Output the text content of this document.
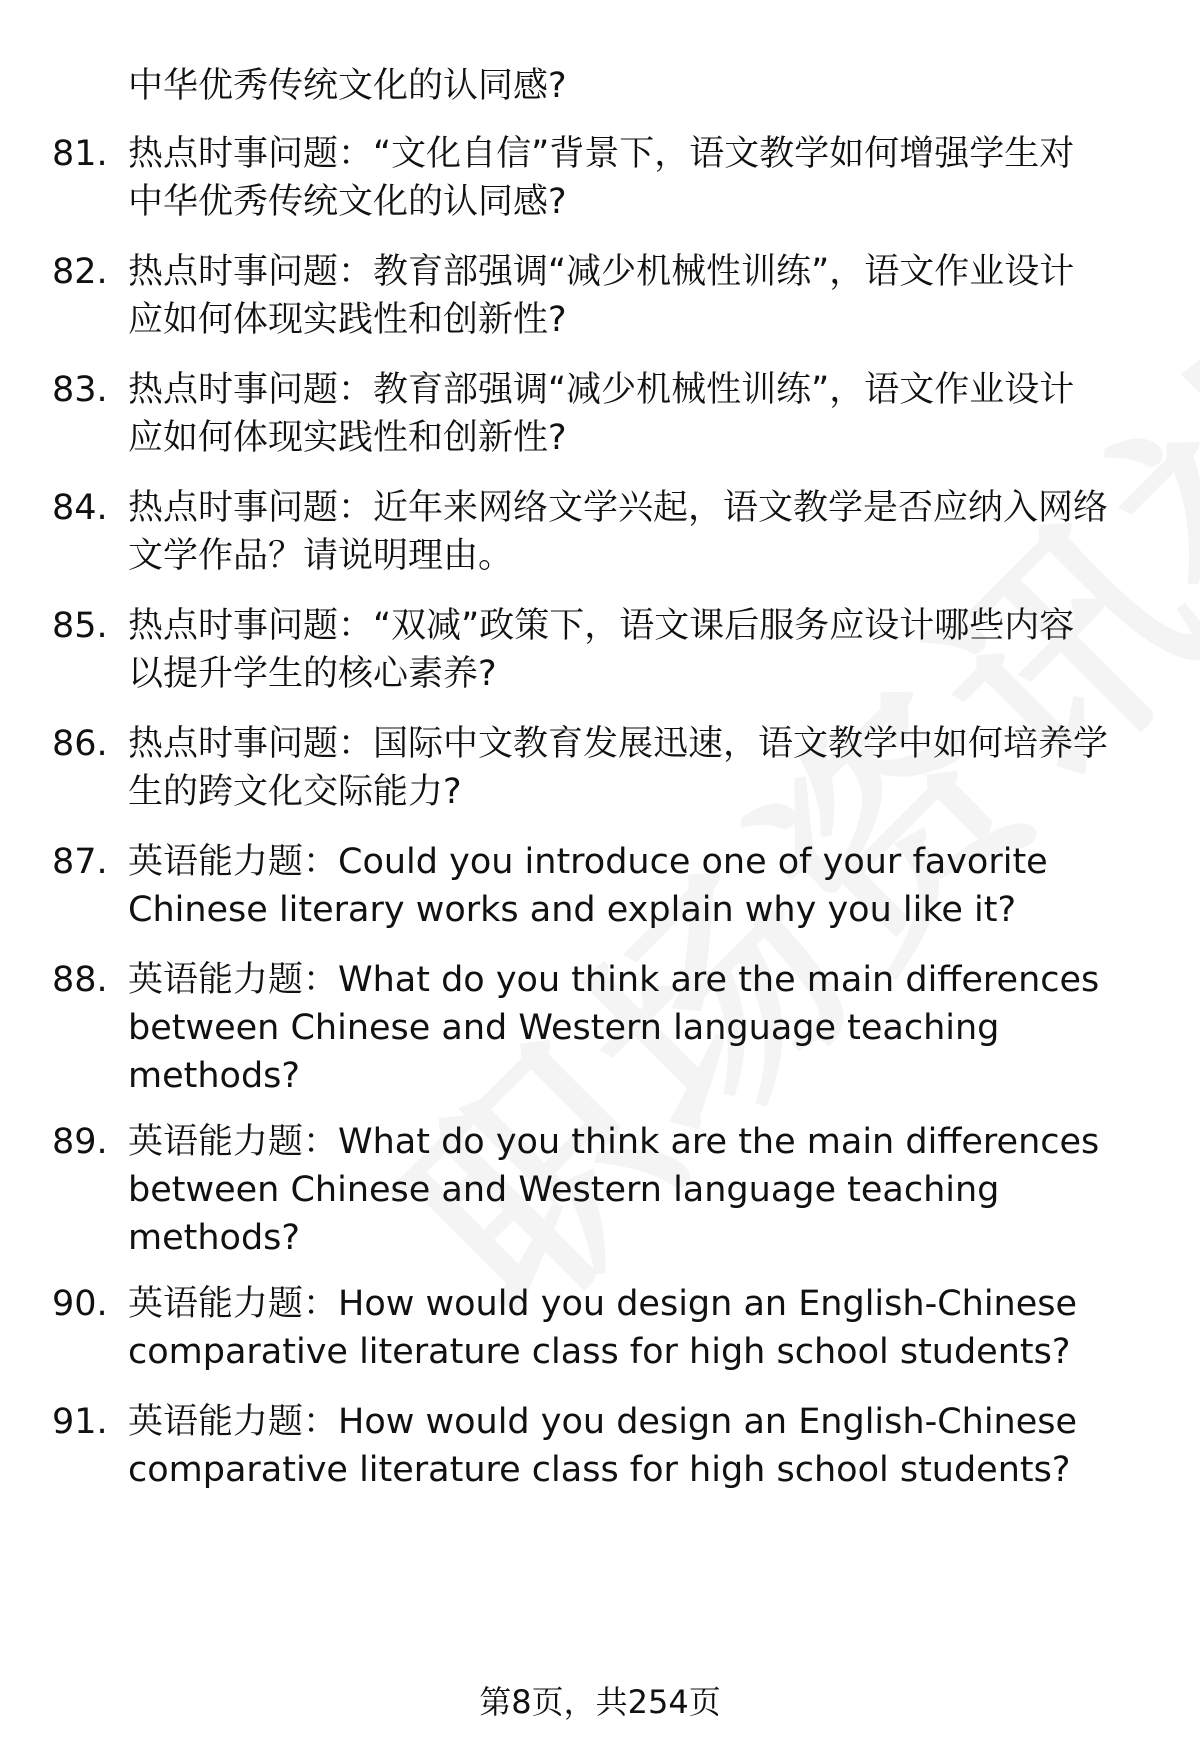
中华优秀传统文化的认同感?
81. 热点时事问题：“文化自信”背景下，语文教学如何增强学生对
中华优秀传统文化的认同感?
82. 热点时事问题：教育部强调“减少机械性训练”，语文作业设计
应如何体现实践性和创新性?
83. 热点时事问题：教育部强调“减少机械性训练”，语文作业设计
应如何体现实践性和创新性?
84. 热点时事问题：近年来网络文学兴起，语文教学是否应纳入网络
文学作品？请说明理由。
85. 热点时事问题：“双减”政策下，语文课后服务应设计哪些内容
以提升学生的核心素养?
86. 热点时事问题：国际中文教育发展迅速，语文教学中如何培养学
生的跨文化交际能力?
87. 英语能力题：Could you introduce one of your favorite
Chinese literary works and explain why you like it?
88. 英语能力题：What do you think are the main differences
between Chinese and Western language teaching
methods?
89. 英语能力题：What do you think are the main differences
between Chinese and Western language teaching
methods?
90. 英语能力题：How would you design an English-Chinese
comparative literature class for high school students?
91. 英语能力题：How would you design an English-Chinese
comparative literature class for high school students?
第8页，共254页
